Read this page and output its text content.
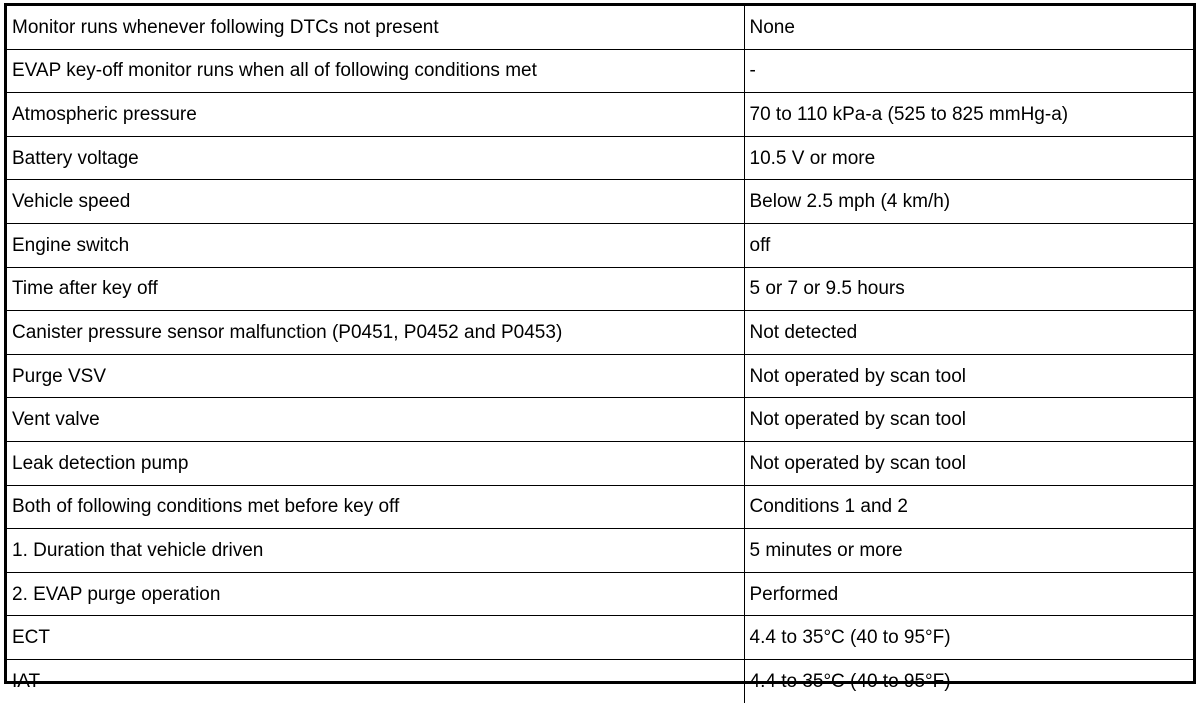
Monitor runs whenever following DTCs not present	None
EVAP key-off monitor runs when all of following conditions met	-
Atmospheric pressure	70 to 110 kPa-a (525 to 825 mmHg-a)
Battery voltage	10.5 V or more
Vehicle speed	Below 2.5 mph (4 km/h)
Engine switch	off
Time after key off	5 or 7 or 9.5 hours
Canister pressure sensor malfunction (P0451, P0452 and P0453)	Not detected
Purge VSV	Not operated by scan tool
Vent valve	Not operated by scan tool
Leak detection pump	Not operated by scan tool
Both of following conditions met before key off	Conditions 1 and 2
1. Duration that vehicle driven	5 minutes or more
2. EVAP purge operation	Performed
ECT	4.4 to 35°C (40 to 95°F)
IAT	4.4 to 35°C (40 to 95°F)
